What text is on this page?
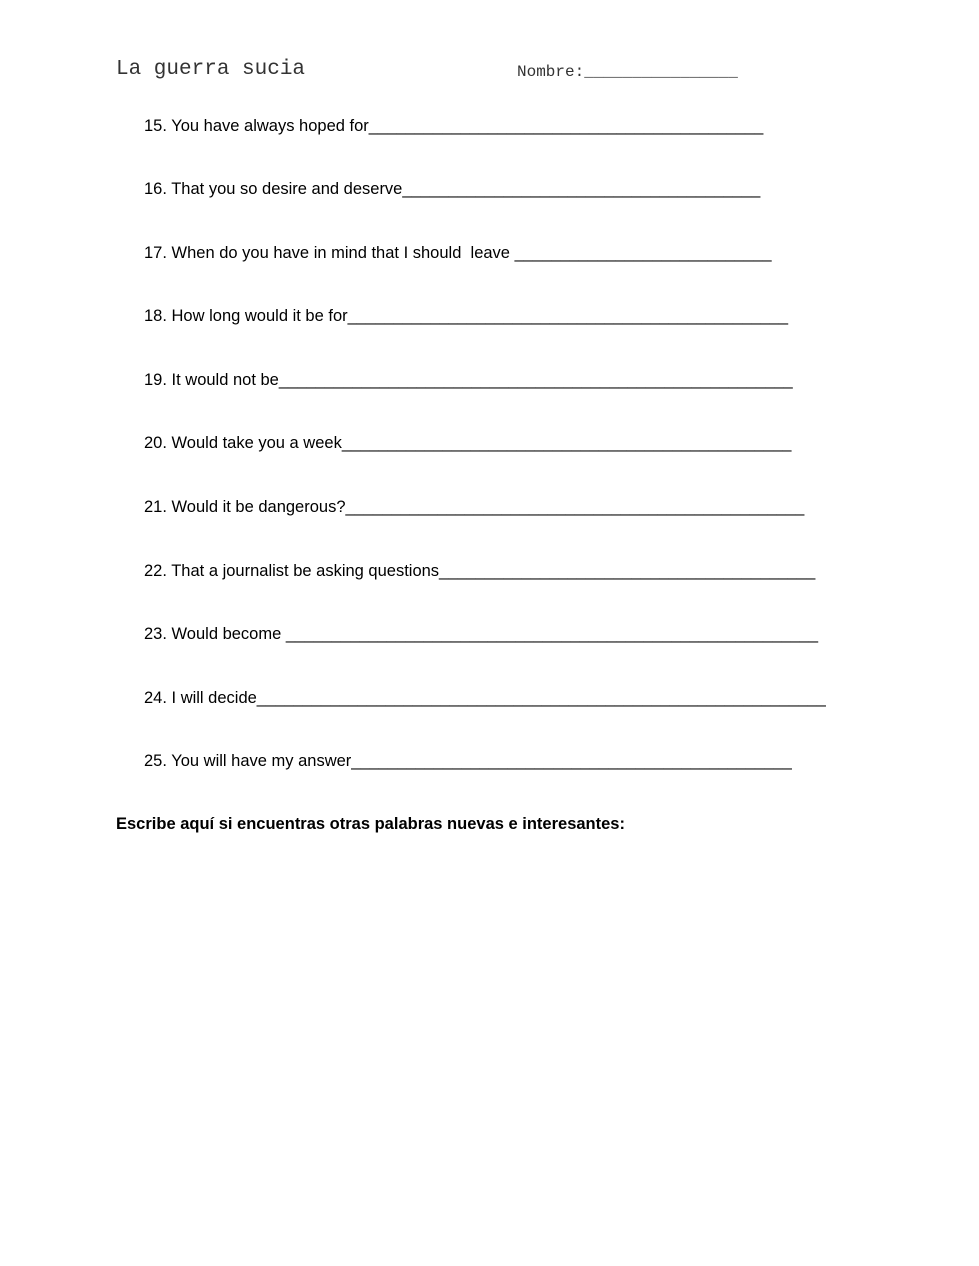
La guerra sucia	Nombre:________________
15. You have always hoped for___________________________________________
16. That you so desire and deserve_______________________________________
17. When do you have in mind that I should  leave ____________________________
18. How long would it be for________________________________________________
19. It would not be________________________________________________________
20. Would take you a week_________________________________________________
21. Would it be dangerous?__________________________________________________
22. That a journalist be asking questions_________________________________________
23. Would become __________________________________________________________
24. I will decide______________________________________________________________
25. You will have my answer________________________________________________
Escribe aquí si encuentras otras palabras nuevas e interesantes:
